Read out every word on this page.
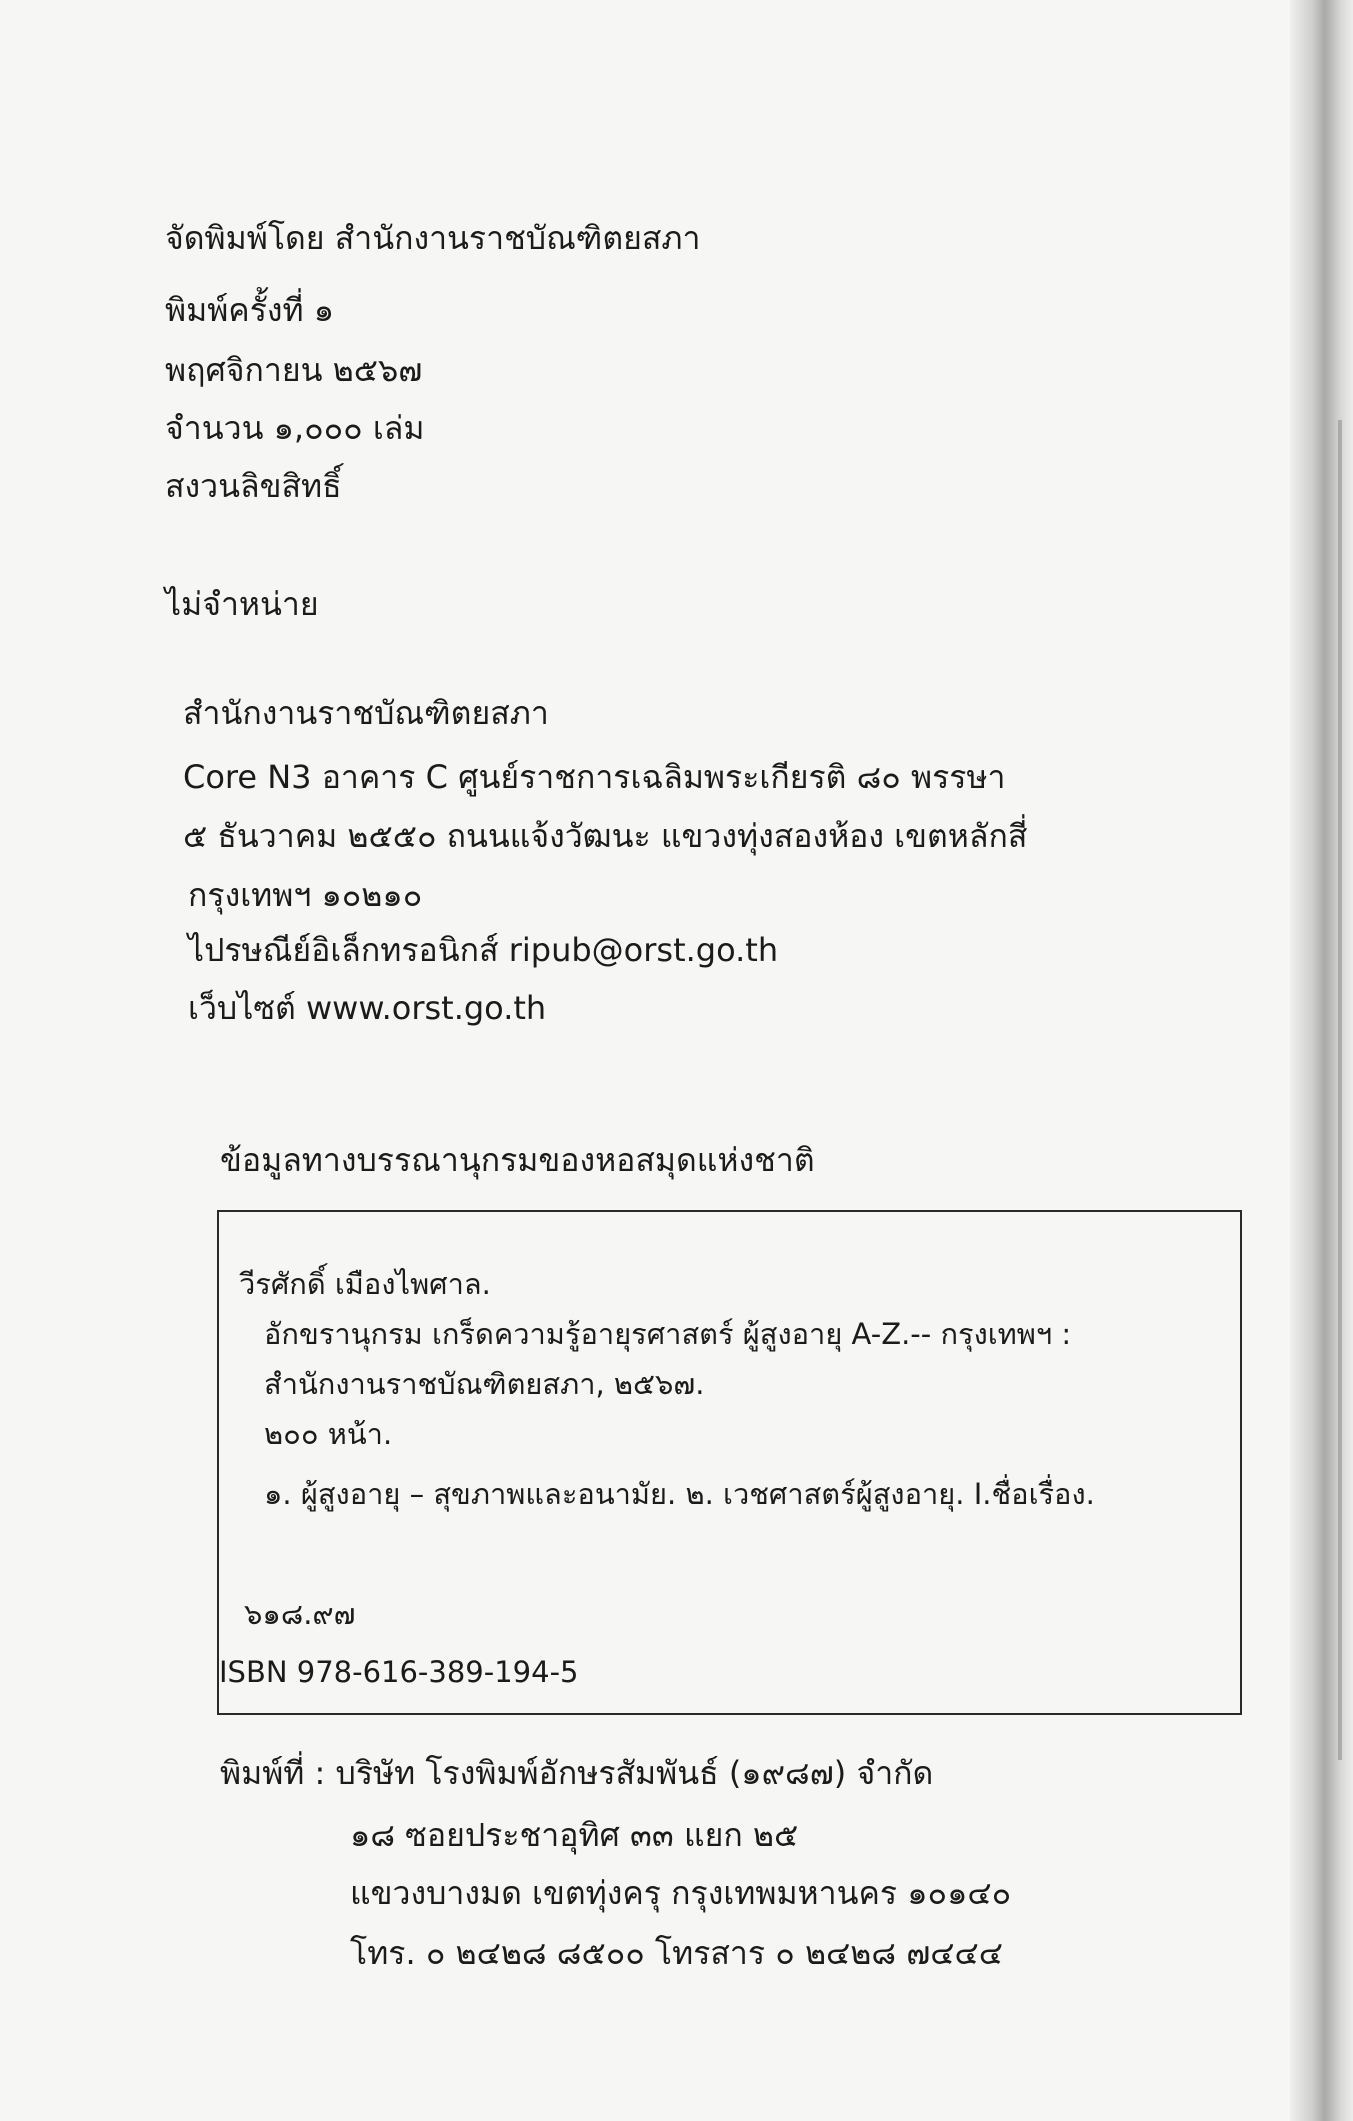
จัดพิมพ์โดย สำนักงานราชบัณฑิตยสภา
พิมพ์ครั้งที่ ๑
พฤศจิกายน ๒๕๖๗
จำนวน ๑,๐๐๐ เล่ม
สงวนลิขสิทธิ์
ไม่จำหน่าย
สำนักงานราชบัณฑิตยสภา
Core N3 อาคาร C ศูนย์ราชการเฉลิมพระเกียรติ ๘๐ พรรษา
๕ ธันวาคม ๒๕๕๐ ถนนแจ้งวัฒนะ แขวงทุ่งสองห้อง เขตหลักสี่
กรุงเทพฯ ๑๐๒๑๐
ไปรษณีย์อิเล็กทรอนิกส์ ripub@orst.go.th
เว็บไซต์ www.orst.go.th
ข้อมูลทางบรรณานุกรมของหอสมุดแห่งชาติ
วีรศักดิ์ เมืองไพศาล.
อักขรานุกรม เกร็ดความรู้อายุรศาสตร์ ผู้สูงอายุ A-Z.-- กรุงเทพฯ :
สำนักงานราชบัณฑิตยสภา, ๒๕๖๗.
๒๐๐ หน้า.
๑. ผู้สูงอายุ – สุขภาพและอนามัย. ๒. เวชศาสตร์ผู้สูงอายุ. I.ชื่อเรื่อง.
๖๑๘.๙๗
ISBN 978-616-389-194-5
พิมพ์ที่ : บริษัท โรงพิมพ์อักษรสัมพันธ์ (๑๙๘๗) จำกัด
๑๘ ซอยประชาอุทิศ ๓๓ แยก ๒๕
แขวงบางมด เขตทุ่งครุ กรุงเทพมหานคร ๑๐๑๔๐
โทร. ๐ ๒๔๒๘ ๘๕๐๐ โทรสาร ๐ ๒๔๒๘ ๗๔๔๔
